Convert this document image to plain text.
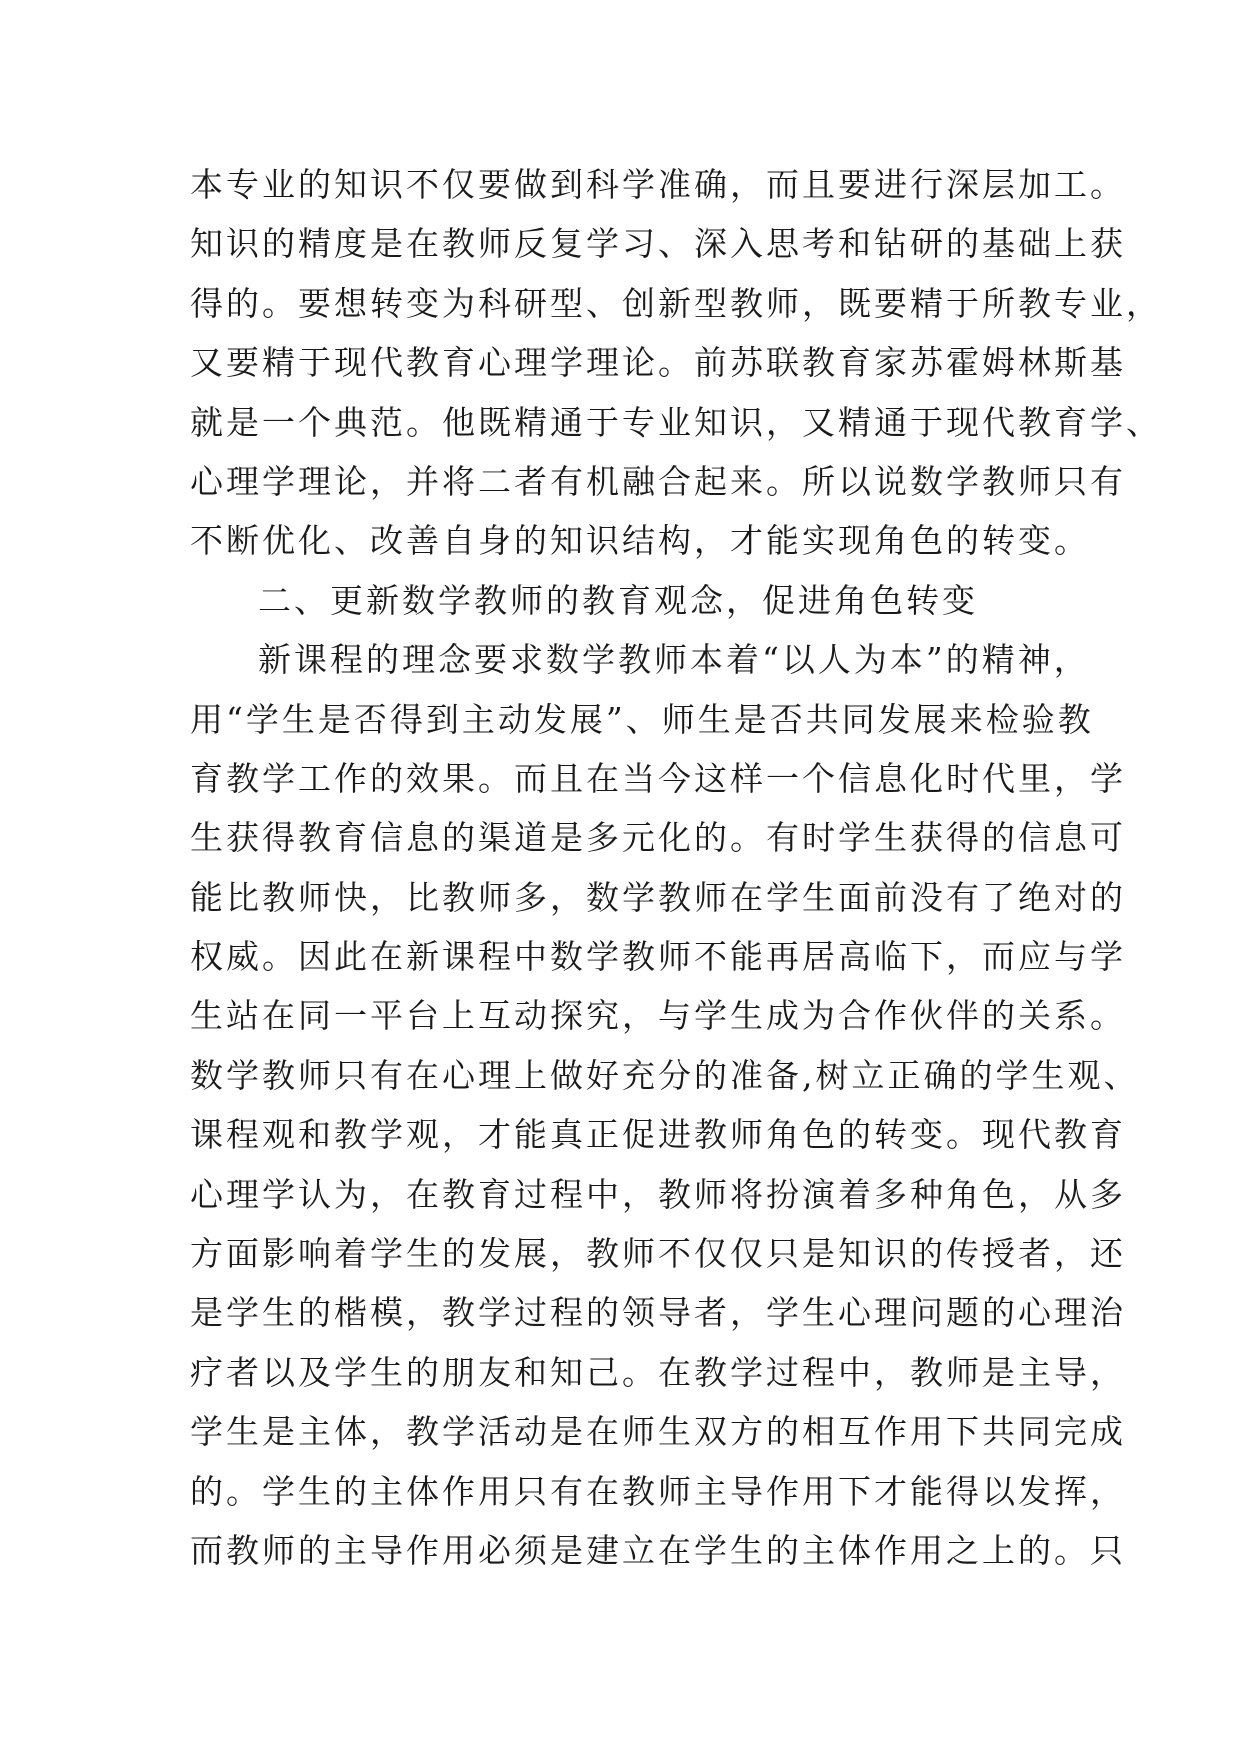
本专业的知识不仅要做到科学准确，而且要进行深层加工。
知识的精度是在教师反复学习、深入思考和钻研的基础上获
得的。要想转变为科研型、创新型教师，既要精于所教专业，
又要精于现代教育心理学理论。前苏联教育家苏霍姆林斯基
就是一个典范。他既精通于专业知识，又精通于现代教育学、
心理学理论，并将二者有机融合起来。所以说数学教师只有
不断优化、改善自身的知识结构，才能实现角色的转变。
二、更新数学教师的教育观念，促进角色转变
新课程的理念要求数学教师本着“以人为本”的精神，
用“学生是否得到主动发展”、师生是否共同发展来检验教
育教学工作的效果。而且在当今这样一个信息化时代里，学
生获得教育信息的渠道是多元化的。有时学生获得的信息可
能比教师快，比教师多，数学教师在学生面前没有了绝对的
权威。因此在新课程中数学教师不能再居高临下，而应与学
生站在同一平台上互动探究，与学生成为合作伙伴的关系。
数学教师只有在心理上做好充分的准备,树立正确的学生观、
课程观和教学观，才能真正促进教师角色的转变。现代教育
心理学认为，在教育过程中，教师将扮演着多种角色，从多
方面影响着学生的发展，教师不仅仅只是知识的传授者，还
是学生的楷模，教学过程的领导者，学生心理问题的心理治
疗者以及学生的朋友和知己。在教学过程中，教师是主导，
学生是主体，教学活动是在师生双方的相互作用下共同完成
的。学生的主体作用只有在教师主导作用下才能得以发挥，
而教师的主导作用必须是建立在学生的主体作用之上的。只
